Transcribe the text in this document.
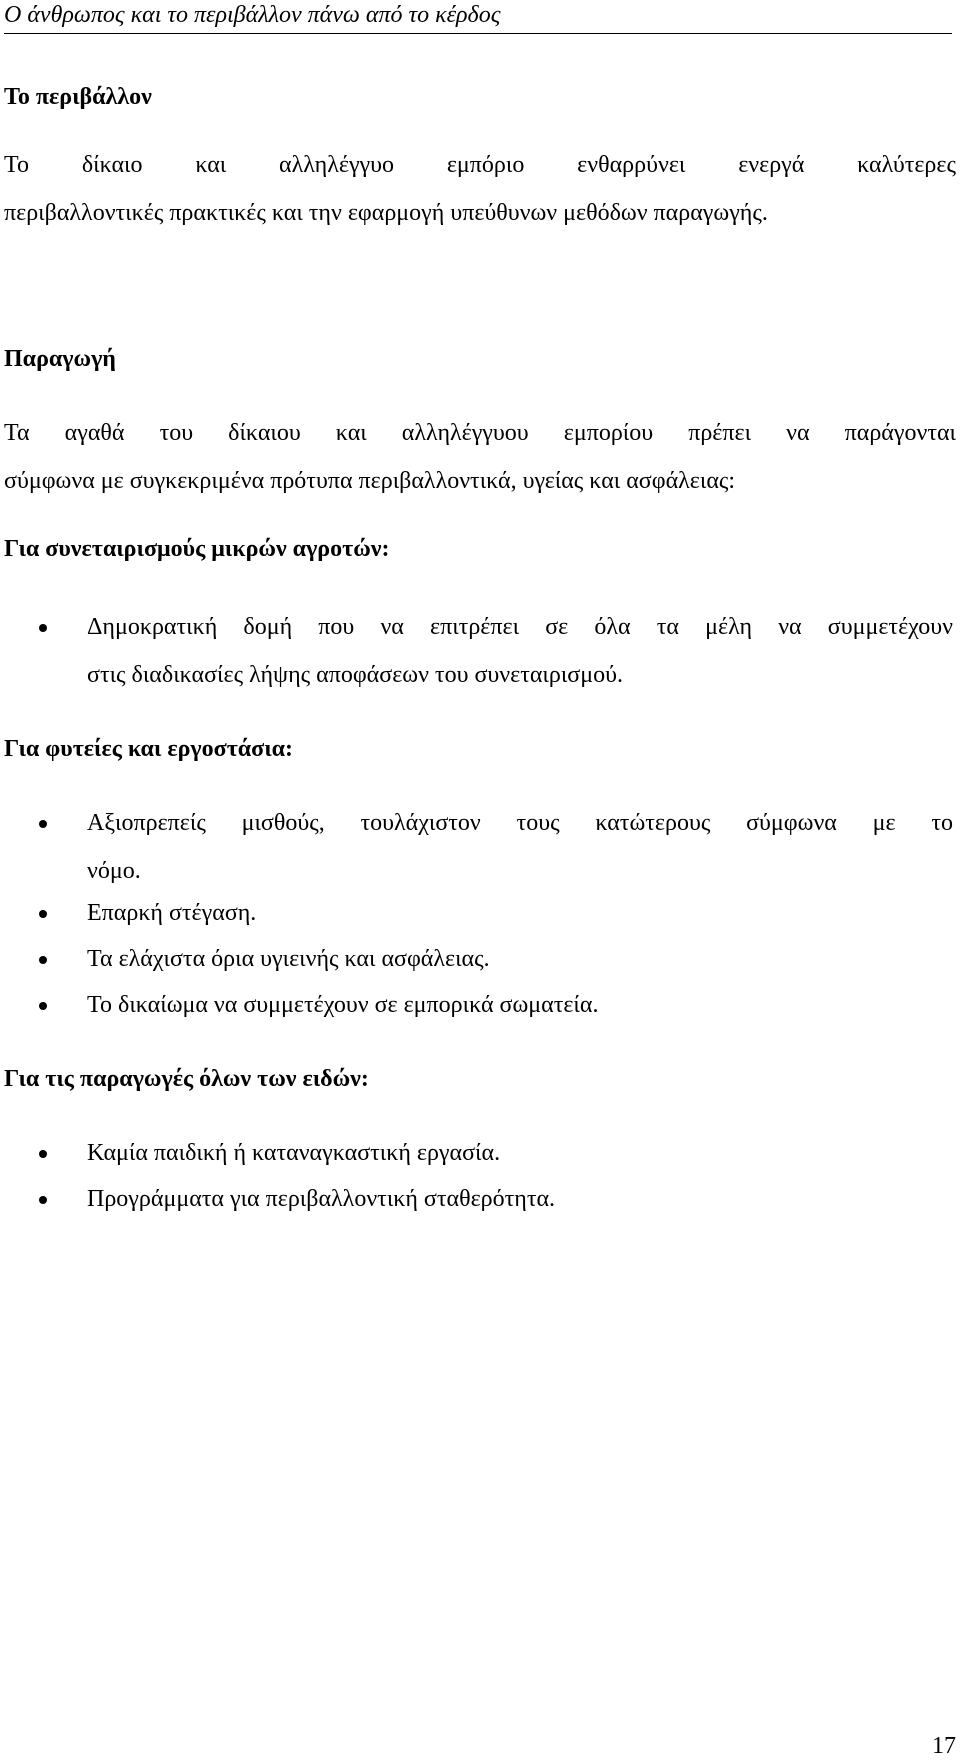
Ο άνθρωπος και το περιβάλλον πάνω από το κέρδος
Το περιβάλλον

Το δίκαιο και αλληλέγγυο εμπόριο ενθαρρύνει ενεργά καλύτερες

περιβαλλοντικές πρακτικές και την εφαρμογή υπεύθυνων μεθόδων παραγωγής.

Παραγωγή

Τα αγαθά του δίκαιου και αλληλέγγυου εμπορίου πρέπει να παράγονται

σύμφωνα με συγκεκριμένα πρότυπα περιβαλλοντικά, υγείας και ασφάλειας:

Για συνεταιρισμούς μικρών αγροτών:
Δημοκρατική δομή που να επιτρέπει σε όλα τα μέλη να συμμετέχουν
στις διαδικασίες λήψης αποφάσεων του συνεταιρισμού.
Για φυτείες και εργοστάσια:
Αξιοπρεπείς μισθούς, τουλάχιστον τους κατώτερους σύμφωνα με το
νόμο.
Επαρκή στέγαση.
Τα ελάχιστα όρια υγιεινής και ασφάλειας.
Το δικαίωμα να συμμετέχουν σε εμπορικά σωματεία.
Για τις παραγωγές όλων των ειδών:
Καμία παιδική ή καταναγκαστική εργασία.
Προγράμματα για περιβαλλοντική σταθερότητα.
17
